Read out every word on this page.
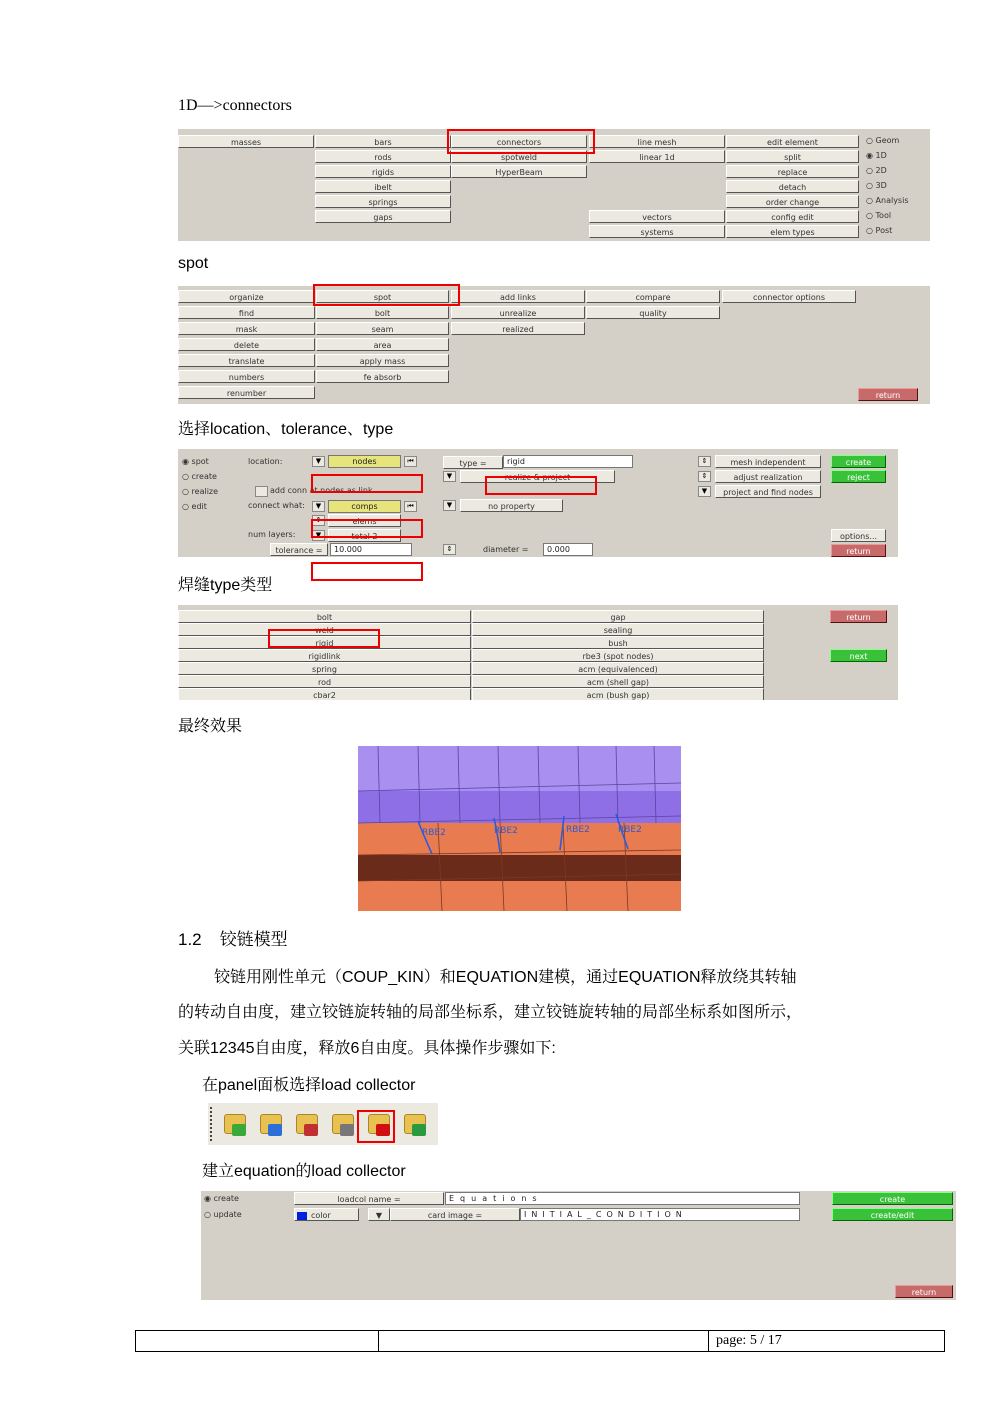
1D—>connectors
masses	bars
rods
rigids
ibelt
springs
gaps
connectors
spotweld
HyperBeam
line mesh
linear 1d
vectors
systems
edit element
split
replace
detach
order change
config edit
elem types
○ Geom
◉ 1D
○ 2D
○ 3D
○ Analysis
○ Tool
○ Post
spot
organize
find
mask
delete
translate
numbers
renumber
spot
bolt
seam
area
apply mass
fe absorb
add links
unrealize
realized
compare
quality
connector options
return
选择location、tolerance、type
◉ spot
○ create
○ realize
○ edit
location:	▼	nodes	⏮
add conn at nodes as link
connect what:	▼	comps	⏮
⇕	elems
num layers:	▼	total 2
tolerance =	10.000
type =	rigid
▼	realize & project
▼	no property
⇕	diameter =	0.000
⇕	mesh independent
⇕	adjust realization
▼	project and find nodes
create
reject
options...
return
焊缝type类型
bolt
weld
rigid
rigidlink
spring
rod
cbar2
gap
sealing
bush
rbe3 (spot nodes)
acm (equivalenced)
acm (shell gap)
acm (bush gap)
return
next
最终效果
RBE2	RBE2	RBE2	RBE2
1.2 铰链模型
铰链用刚性单元（COUP_KIN）和EQUATION建模，通过EQUATION释放绕其转轴
的转动自由度，建立铰链旋转轴的局部坐标系，建立铰链旋转轴的局部坐标系如图所示，
关联12345自由度，释放6自由度。具体操作步骤如下:
在panel面板选择load collector
建立equation的load collector
◉ create
○ update
loadcol name =	Equations
color	▼	card image =	INITIAL_CONDITION
create
create/edit
return
page: 5 / 17
